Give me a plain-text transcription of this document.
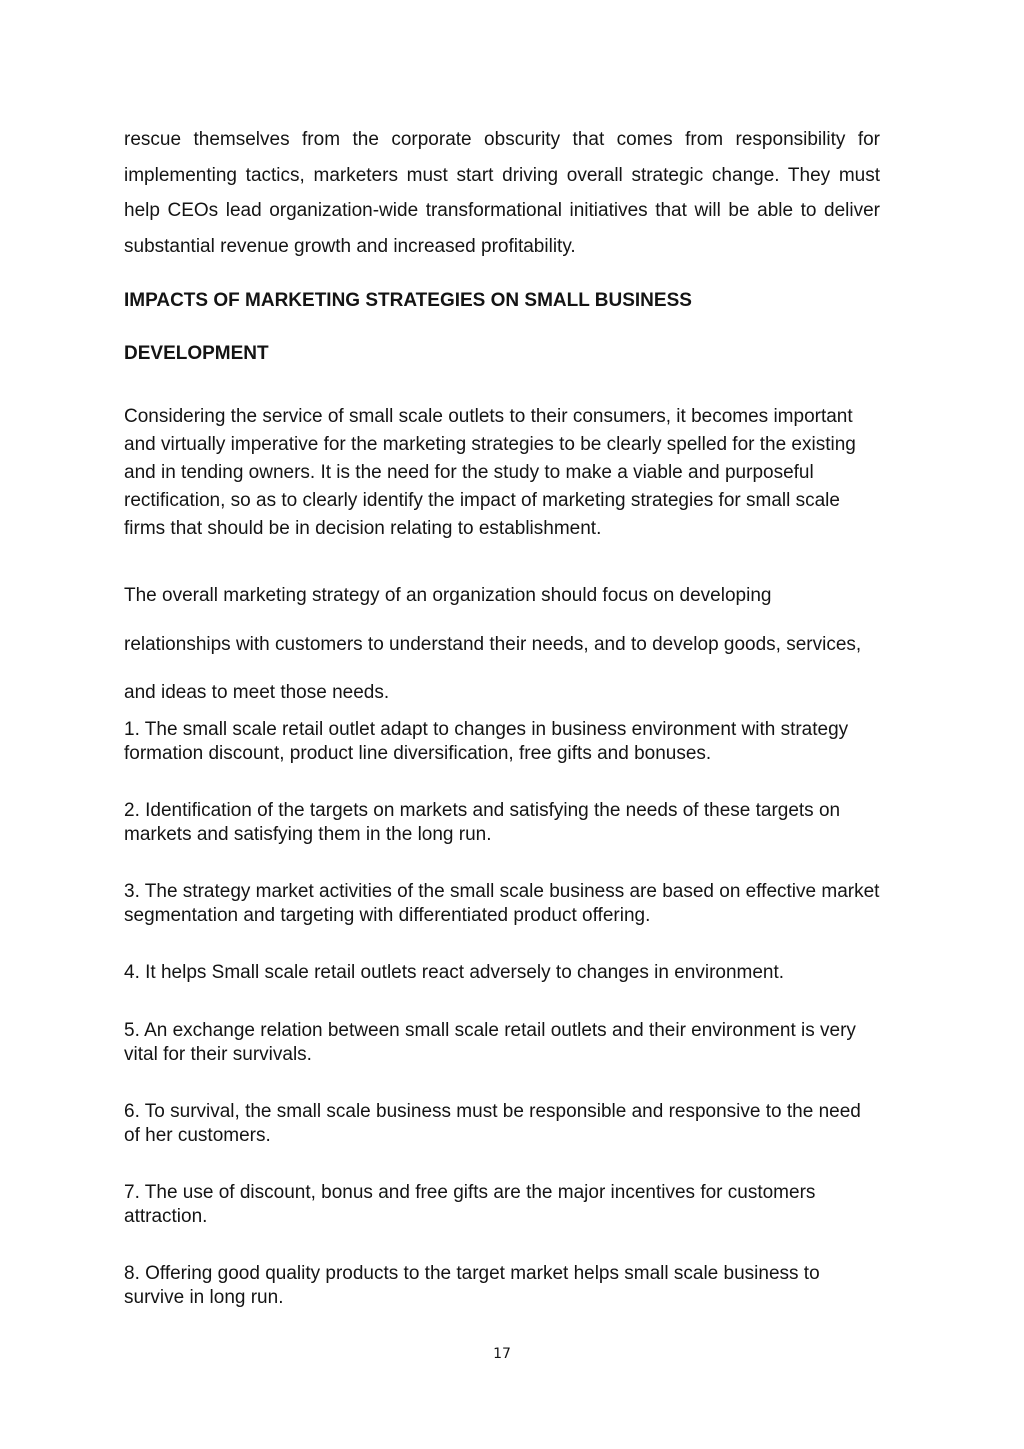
rescue themselves from the corporate obscurity that comes from responsibility for implementing tactics, marketers must start driving overall strategic change. They must help CEOs lead organization-wide transformational initiatives that will be able to deliver substantial revenue growth and increased profitability.

IMPACTS OF MARKETING STRATEGIES ON SMALL BUSINESS
DEVELOPMENT

Considering the service of small scale outlets to their consumers, it becomes important and virtually imperative for the marketing strategies to be clearly spelled for the existing and in tending owners. It is the need for the study to make a viable and purposeful rectification, so as to clearly identify the impact of marketing strategies for small scale firms that should be in decision relating to establishment.

The overall marketing strategy of an organization should focus on developing relationships with customers to understand their needs, and to develop goods, services, and ideas to meet those needs.

1. The small scale retail outlet adapt to changes in business environment with strategy formation discount, product line diversification, free gifts and bonuses.

2. Identification of the targets on markets and satisfying the needs of these targets on markets and satisfying them in the long run.

3. The strategy market activities of the small scale business are based on effective market segmentation and targeting with differentiated product offering.

4. It helps Small scale retail outlets react adversely to changes in environment.

5. An exchange relation between small scale retail outlets and their environment is very vital for their survivals.

6. To survival, the small scale business must be responsible and responsive to the need of her customers.

7. The use of discount, bonus and free gifts are the major incentives for customers attraction.

8. Offering good quality products to the target market helps small scale business to survive in long run.

17
